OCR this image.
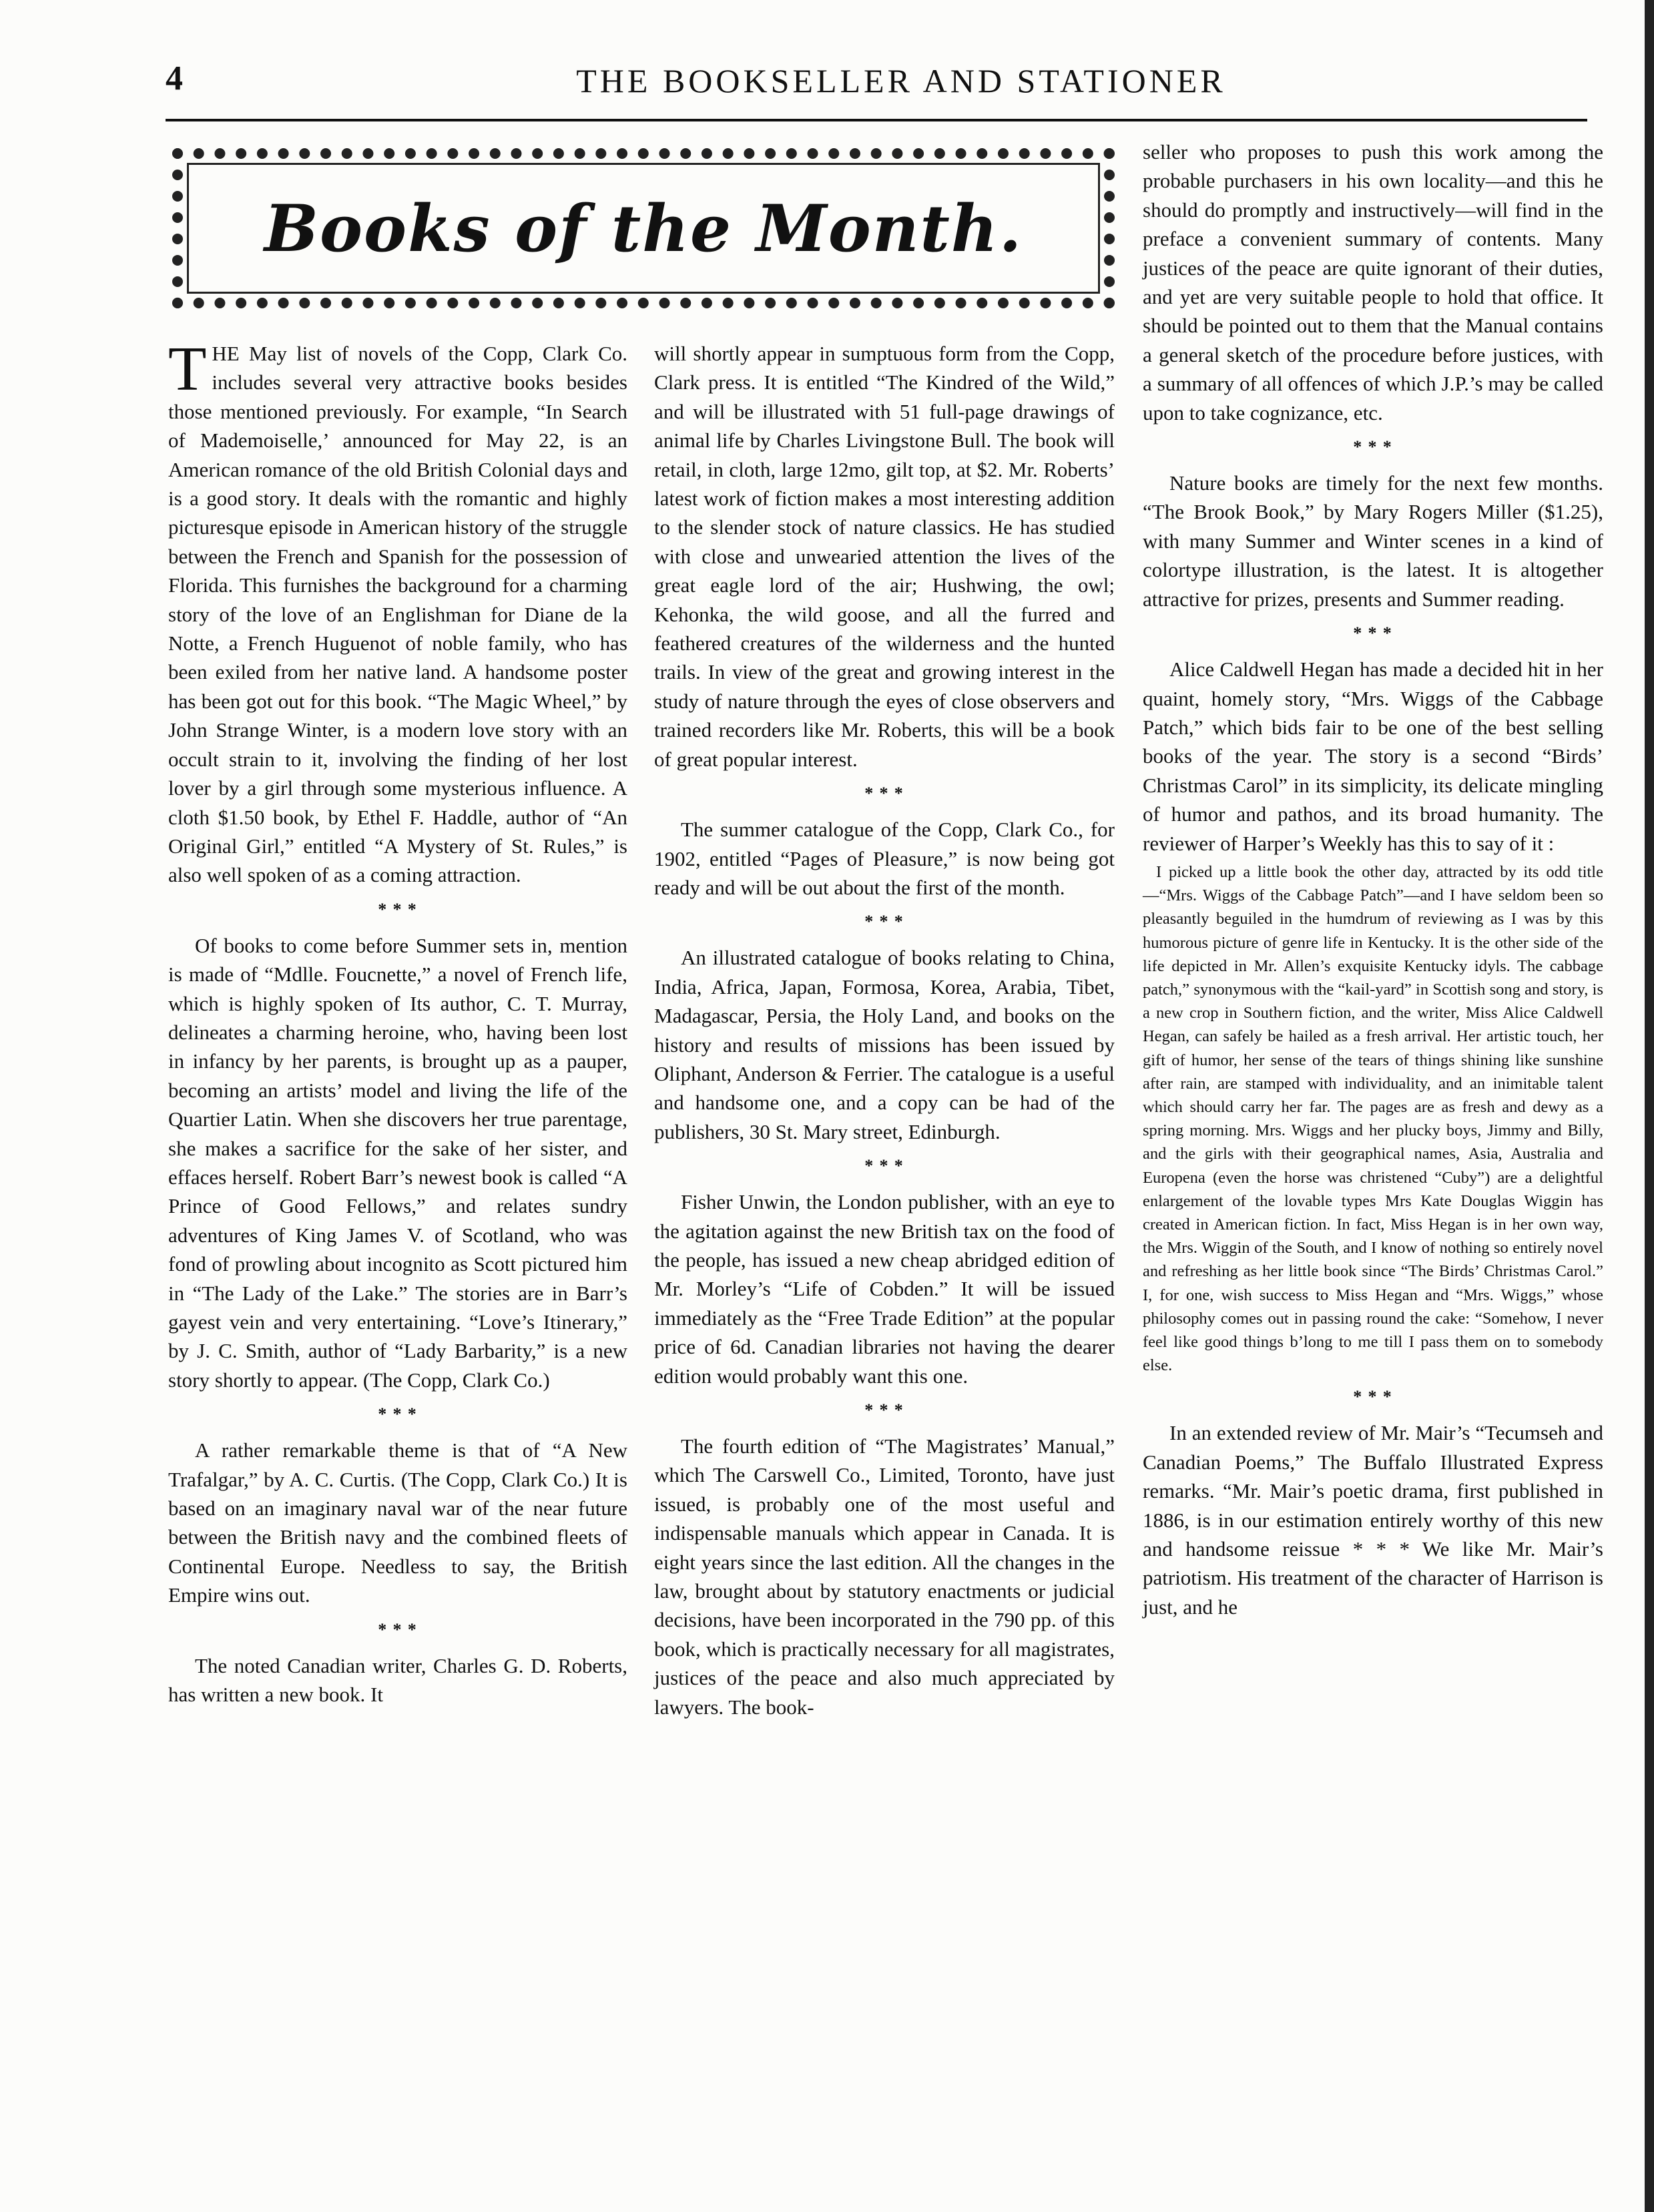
4	THE BOOKSELLER AND STATIONER
Books of the Month.

THE May list of novels of the Copp, Clark Co. includes several very attractive books besides those mentioned previously. For example, “In Search of Mademoiselle,’ announced for May 22, is an American romance of the old British Colonial days and is a good story. It deals with the romantic and highly picturesque episode in American history of the struggle between the French and Spanish for the possession of Florida. This furnishes the background for a charming story of the love of an Englishman for Diane de la Notte, a French Huguenot of noble family, who has been exiled from her native land. A handsome poster has been got out for this book. “The Magic Wheel,” by John Strange Winter, is a modern love story with an occult strain to it, involving the finding of her lost lover by a girl through some mysterious influence. A cloth $1.50 book, by Ethel F. Haddle, author of “An Original Girl,” entitled “A Mystery of St. Rules,” is also well spoken of as a coming attraction.

* * *

Of books to come before Summer sets in, mention is made of “Mdlle. Foucnette,” a novel of French life, which is highly spoken of Its author, C. T. Murray, delineates a charming heroine, who, having been lost in infancy by her parents, is brought up as a pauper, becoming an artists’ model and living the life of the Quartier Latin. When she discovers her true parentage, she makes a sacrifice for the sake of her sister, and effaces herself. Robert Barr’s newest book is called “A Prince of Good Fellows,” and relates sundry adventures of King James V. of Scotland, who was fond of prowling about incognito as Scott pictured him in “The Lady of the Lake.” The stories are in Barr’s gayest vein and very entertaining. “Love’s Itinerary,” by J. C. Smith, author of “Lady Barbarity,” is a new story shortly to appear. (The Copp, Clark Co.)

* * *

A rather remarkable theme is that of “A New Trafalgar,” by A. C. Curtis. (The Copp, Clark Co.) It is based on an imaginary naval war of the near future between the British navy and the combined fleets of Continental Europe. Needless to say, the British Empire wins out.

* * *

The noted Canadian writer, Charles G. D. Roberts, has written a new book. It

will shortly appear in sumptuous form from the Copp, Clark press. It is entitled “The Kindred of the Wild,” and will be illustrated with 51 full-page drawings of animal life by Charles Livingstone Bull. The book will retail, in cloth, large 12mo, gilt top, at $2. Mr. Roberts’ latest work of fiction makes a most interesting addition to the slender stock of nature classics. He has studied with close and unwearied attention the lives of the great eagle lord of the air; Hushwing, the owl; Kehonka, the wild goose, and all the furred and feathered creatures of the wilderness and the hunted trails. In view of the great and growing interest in the study of nature through the eyes of close observers and trained recorders like Mr. Roberts, this will be a book of great popular interest.

* * *

The summer catalogue of the Copp, Clark Co., for 1902, entitled “Pages of Pleasure,” is now being got ready and will be out about the first of the month.

* * *

An illustrated catalogue of books relating to China, India, Africa, Japan, Formosa, Korea, Arabia, Tibet, Madagascar, Persia, the Holy Land, and books on the history and results of missions has been issued by Oliphant, Anderson & Ferrier. The catalogue is a useful and handsome one, and a copy can be had of the publishers, 30 St. Mary street, Edinburgh.

* * *

Fisher Unwin, the London publisher, with an eye to the agitation against the new British tax on the food of the people, has issued a new cheap abridged edition of Mr. Morley’s “Life of Cobden.” It will be issued immediately as the “Free Trade Edition” at the popular price of 6d. Canadian libraries not having the dearer edition would probably want this one.

* * *

The fourth edition of “The Magistrates’ Manual,” which The Carswell Co., Limited, Toronto, have just issued, is probably one of the most useful and indispensable manuals which appear in Canada. It is eight years since the last edition. All the changes in the law, brought about by statutory enactments or judicial decisions, have been incorporated in the 790 pp. of this book, which is practically necessary for all magistrates, justices of the peace and also much appreciated by lawyers. The book-

seller who proposes to push this work among the probable purchasers in his own locality—and this he should do promptly and instructively—will find in the preface a convenient summary of contents. Many justices of the peace are quite ignorant of their duties, and yet are very suitable people to hold that office. It should be pointed out to them that the Manual contains a general sketch of the procedure before justices, with a summary of all offences of which J.P.’s may be called upon to take cognizance, etc.

* * *

Nature books are timely for the next few months. “The Brook Book,” by Mary Rogers Miller ($1.25), with many Summer and Winter scenes in a kind of colortype illustration, is the latest. It is altogether attractive for prizes, presents and Summer reading.

* * *

Alice Caldwell Hegan has made a decided hit in her quaint, homely story, “Mrs. Wiggs of the Cabbage Patch,” which bids fair to be one of the best selling books of the year. The story is a second “Birds’ Christmas Carol” in its simplicity, its delicate mingling of humor and pathos, and its broad humanity. The reviewer of Harper’s Weekly has this to say of it :

I picked up a little book the other day, attracted by its odd title—“Mrs. Wiggs of the Cabbage Patch”—and I have seldom been so pleasantly beguiled in the humdrum of reviewing as I was by this humorous picture of genre life in Kentucky. It is the other side of the life depicted in Mr. Allen’s exquisite Kentucky idyls. The cabbage patch,” synonymous with the “kail-yard” in Scottish song and story, is a new crop in Southern fiction, and the writer, Miss Alice Caldwell Hegan, can safely be hailed as a fresh arrival. Her artistic touch, her gift of humor, her sense of the tears of things shining like sunshine after rain, are stamped with individuality, and an inimitable talent which should carry her far. The pages are as fresh and dewy as a spring morning. Mrs. Wiggs and her plucky boys, Jimmy and Billy, and the girls with their geographical names, Asia, Australia and Europena (even the horse was christened “Cuby”) are a delightful enlargement of the lovable types Mrs Kate Douglas Wiggin has created in American fiction. In fact, Miss Hegan is in her own way, the Mrs. Wiggin of the South, and I know of nothing so entirely novel and refreshing as her little book since “The Birds’ Christmas Carol.” I, for one, wish success to Miss Hegan and “Mrs. Wiggs,” whose philosophy comes out in passing round the cake: “Somehow, I never feel like good things b’long to me till I pass them on to somebody else.

* * *

In an extended review of Mr. Mair’s “Tecumseh and Canadian Poems,” The Buffalo Illustrated Express remarks. “Mr. Mair’s poetic drama, first published in 1886, is in our estimation entirely worthy of this new and handsome reissue * * * We like Mr. Mair’s patriotism. His treatment of the character of Harrison is just, and he
